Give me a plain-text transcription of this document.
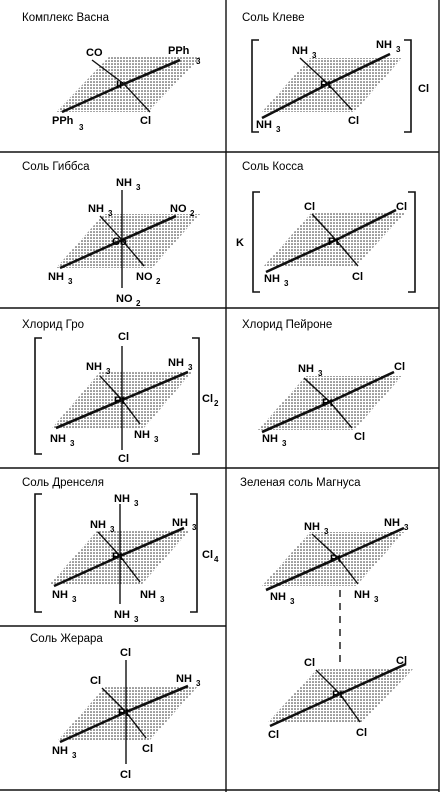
Комплекс Васна
Ir
CO	PPh
3
PPh
3
Cl
Соль Клеве
Pt
NH 3
NH 3
NH 3
Cl
Cl
Соль Гиббса
Co
NH 3
NH 3	NO 2
NH 3	NO 2
NO 2
Соль Косса
K	Pt
Cl	Cl
NH 3
Cl
Хлорид Гро
Pt
Cl
NH 3
NH 3
NH 3
NH 3
Cl
Cl 2
Хлорид Пейроне
Pt
NH 3
Cl
NH 3
Cl
Соль Дренселя
Pt
NH 3
NH 3
NH 3
NH 3	NH 3
NH 3
Cl 4
Зеленая соль Магнуса
Pt
NH 3
NH 3
NH 3
NH 3
Pt
Cl	Cl
Cl	Cl
Соль Жерара
Pt
Cl
Cl	NH 3
NH 3
Cl
Cl
